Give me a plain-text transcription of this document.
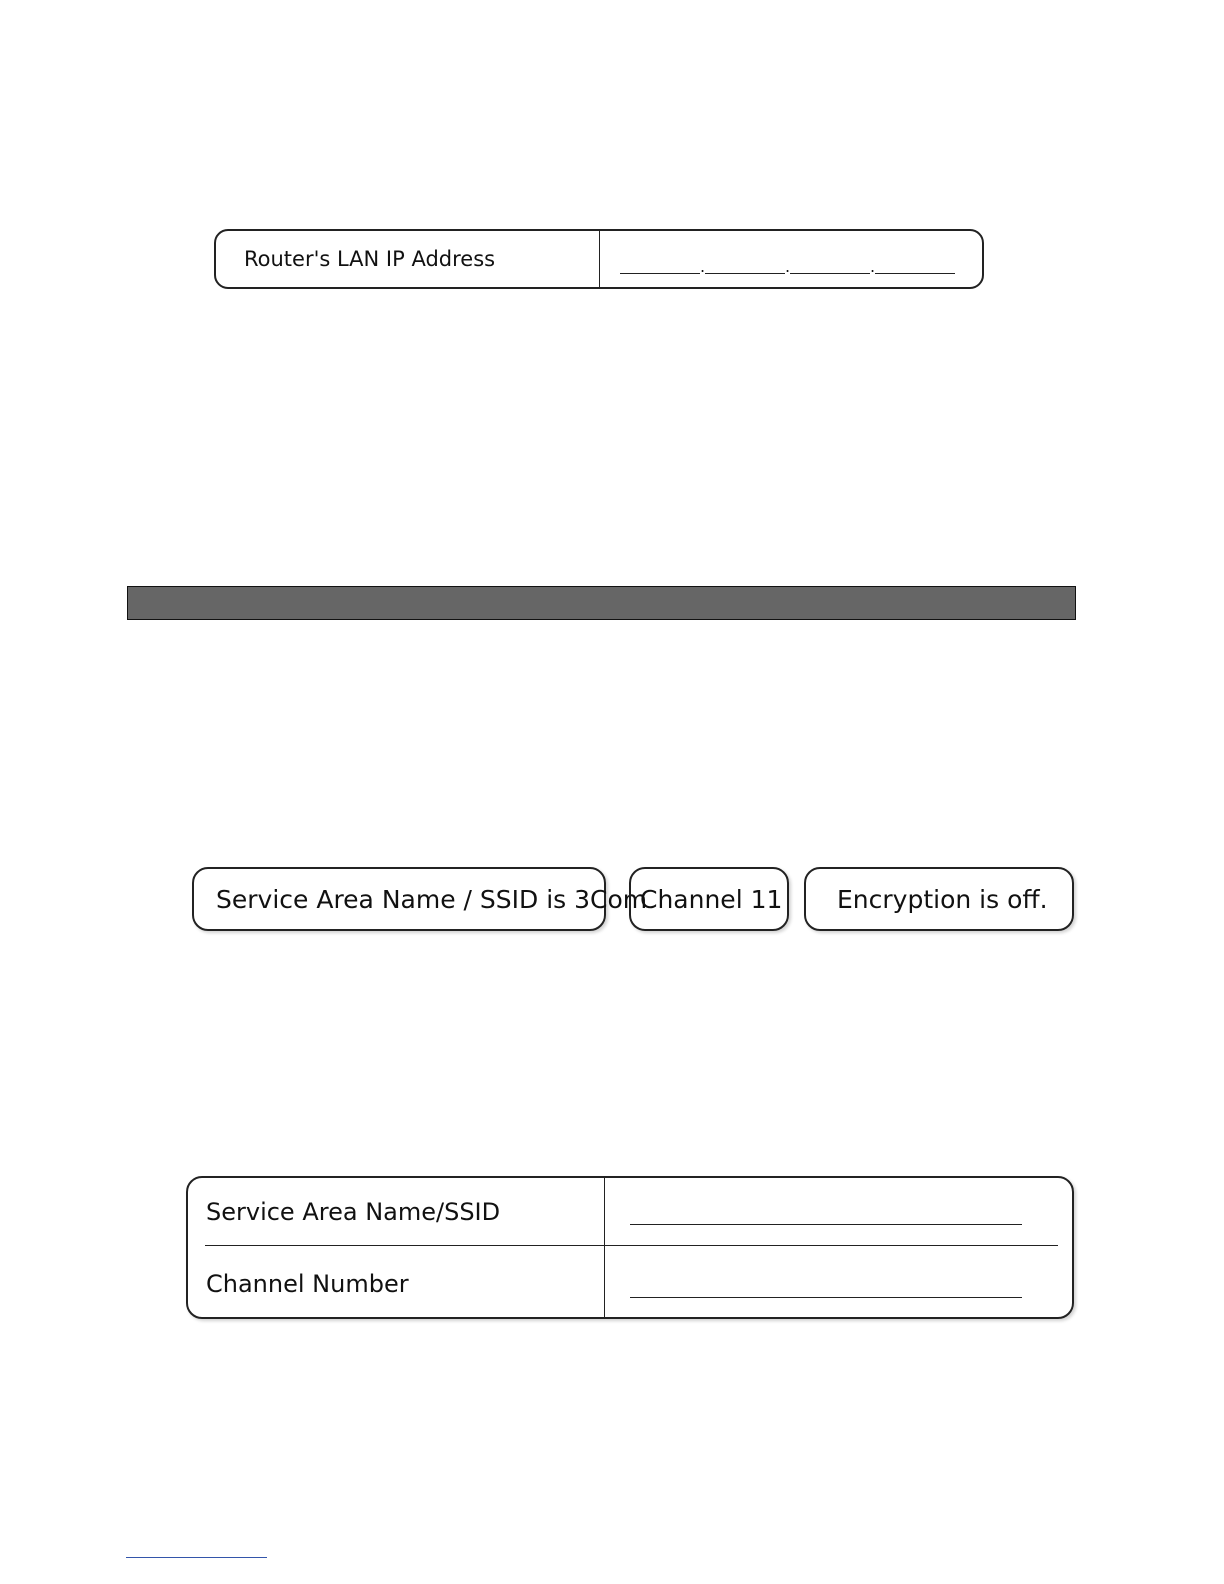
Router's LAN IP Address	.	.	.
Service Area Name / SSID is 3Com
Channel 11	Encryption is off.
Service Area Name/SSID
Channel Number
